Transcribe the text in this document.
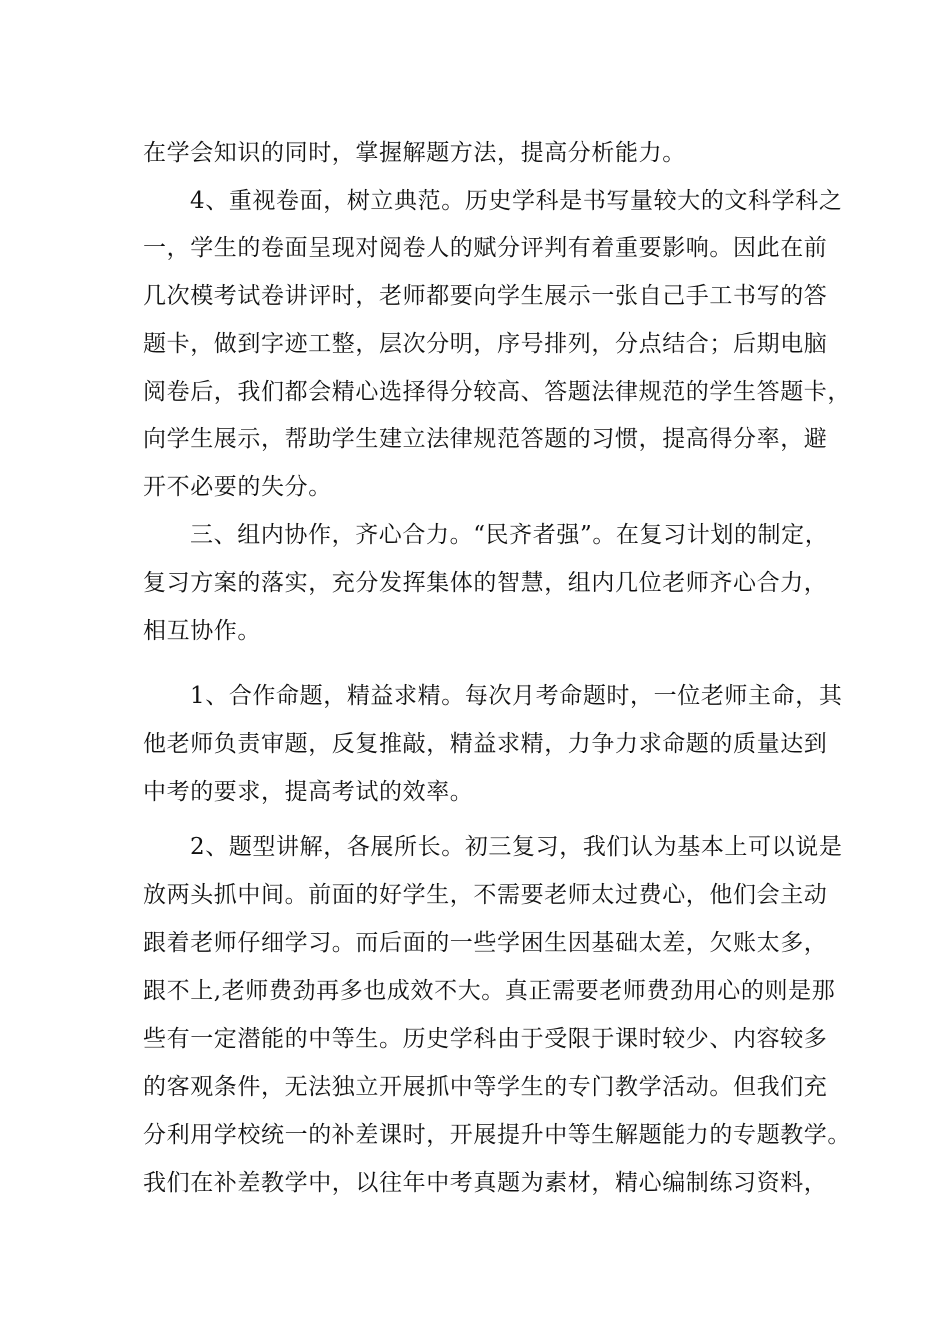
在学会知识的同时，掌握解题方法，提高分析能力。
4、重视卷面，树立典范。历史学科是书写量较大的文科学科之
一，学生的卷面呈现对阅卷人的赋分评判有着重要影响。因此在前
几次模考试卷讲评时，老师都要向学生展示一张自己手工书写的答
题卡，做到字迹工整，层次分明，序号排列，分点结合；后期电脑
阅卷后，我们都会精心选择得分较高、答题法律规范的学生答题卡，
向学生展示，帮助学生建立法律规范答题的习惯，提高得分率，避
开不必要的失分。
三、组内协作，齐心合力。“民齐者强”。在复习计划的制定，
复习方案的落实，充分发挥集体的智慧，组内几位老师齐心合力，
相互协作。
1、合作命题，精益求精。每次月考命题时，一位老师主命，其
他老师负责审题，反复推敲，精益求精，力争力求命题的质量达到
中考的要求，提高考试的效率。
2、题型讲解，各展所长。初三复习，我们认为基本上可以说是
放两头抓中间。前面的好学生，不需要老师太过费心，他们会主动
跟着老师仔细学习。而后面的一些学困生因基础太差，欠账太多，
跟不上,老师费劲再多也成效不大。真正需要老师费劲用心的则是那
些有一定潜能的中等生。历史学科由于受限于课时较少、内容较多
的客观条件，无法独立开展抓中等学生的专门教学活动。但我们充
分利用学校统一的补差课时，开展提升中等生解题能力的专题教学。
我们在补差教学中，以往年中考真题为素材，精心编制练习资料，
